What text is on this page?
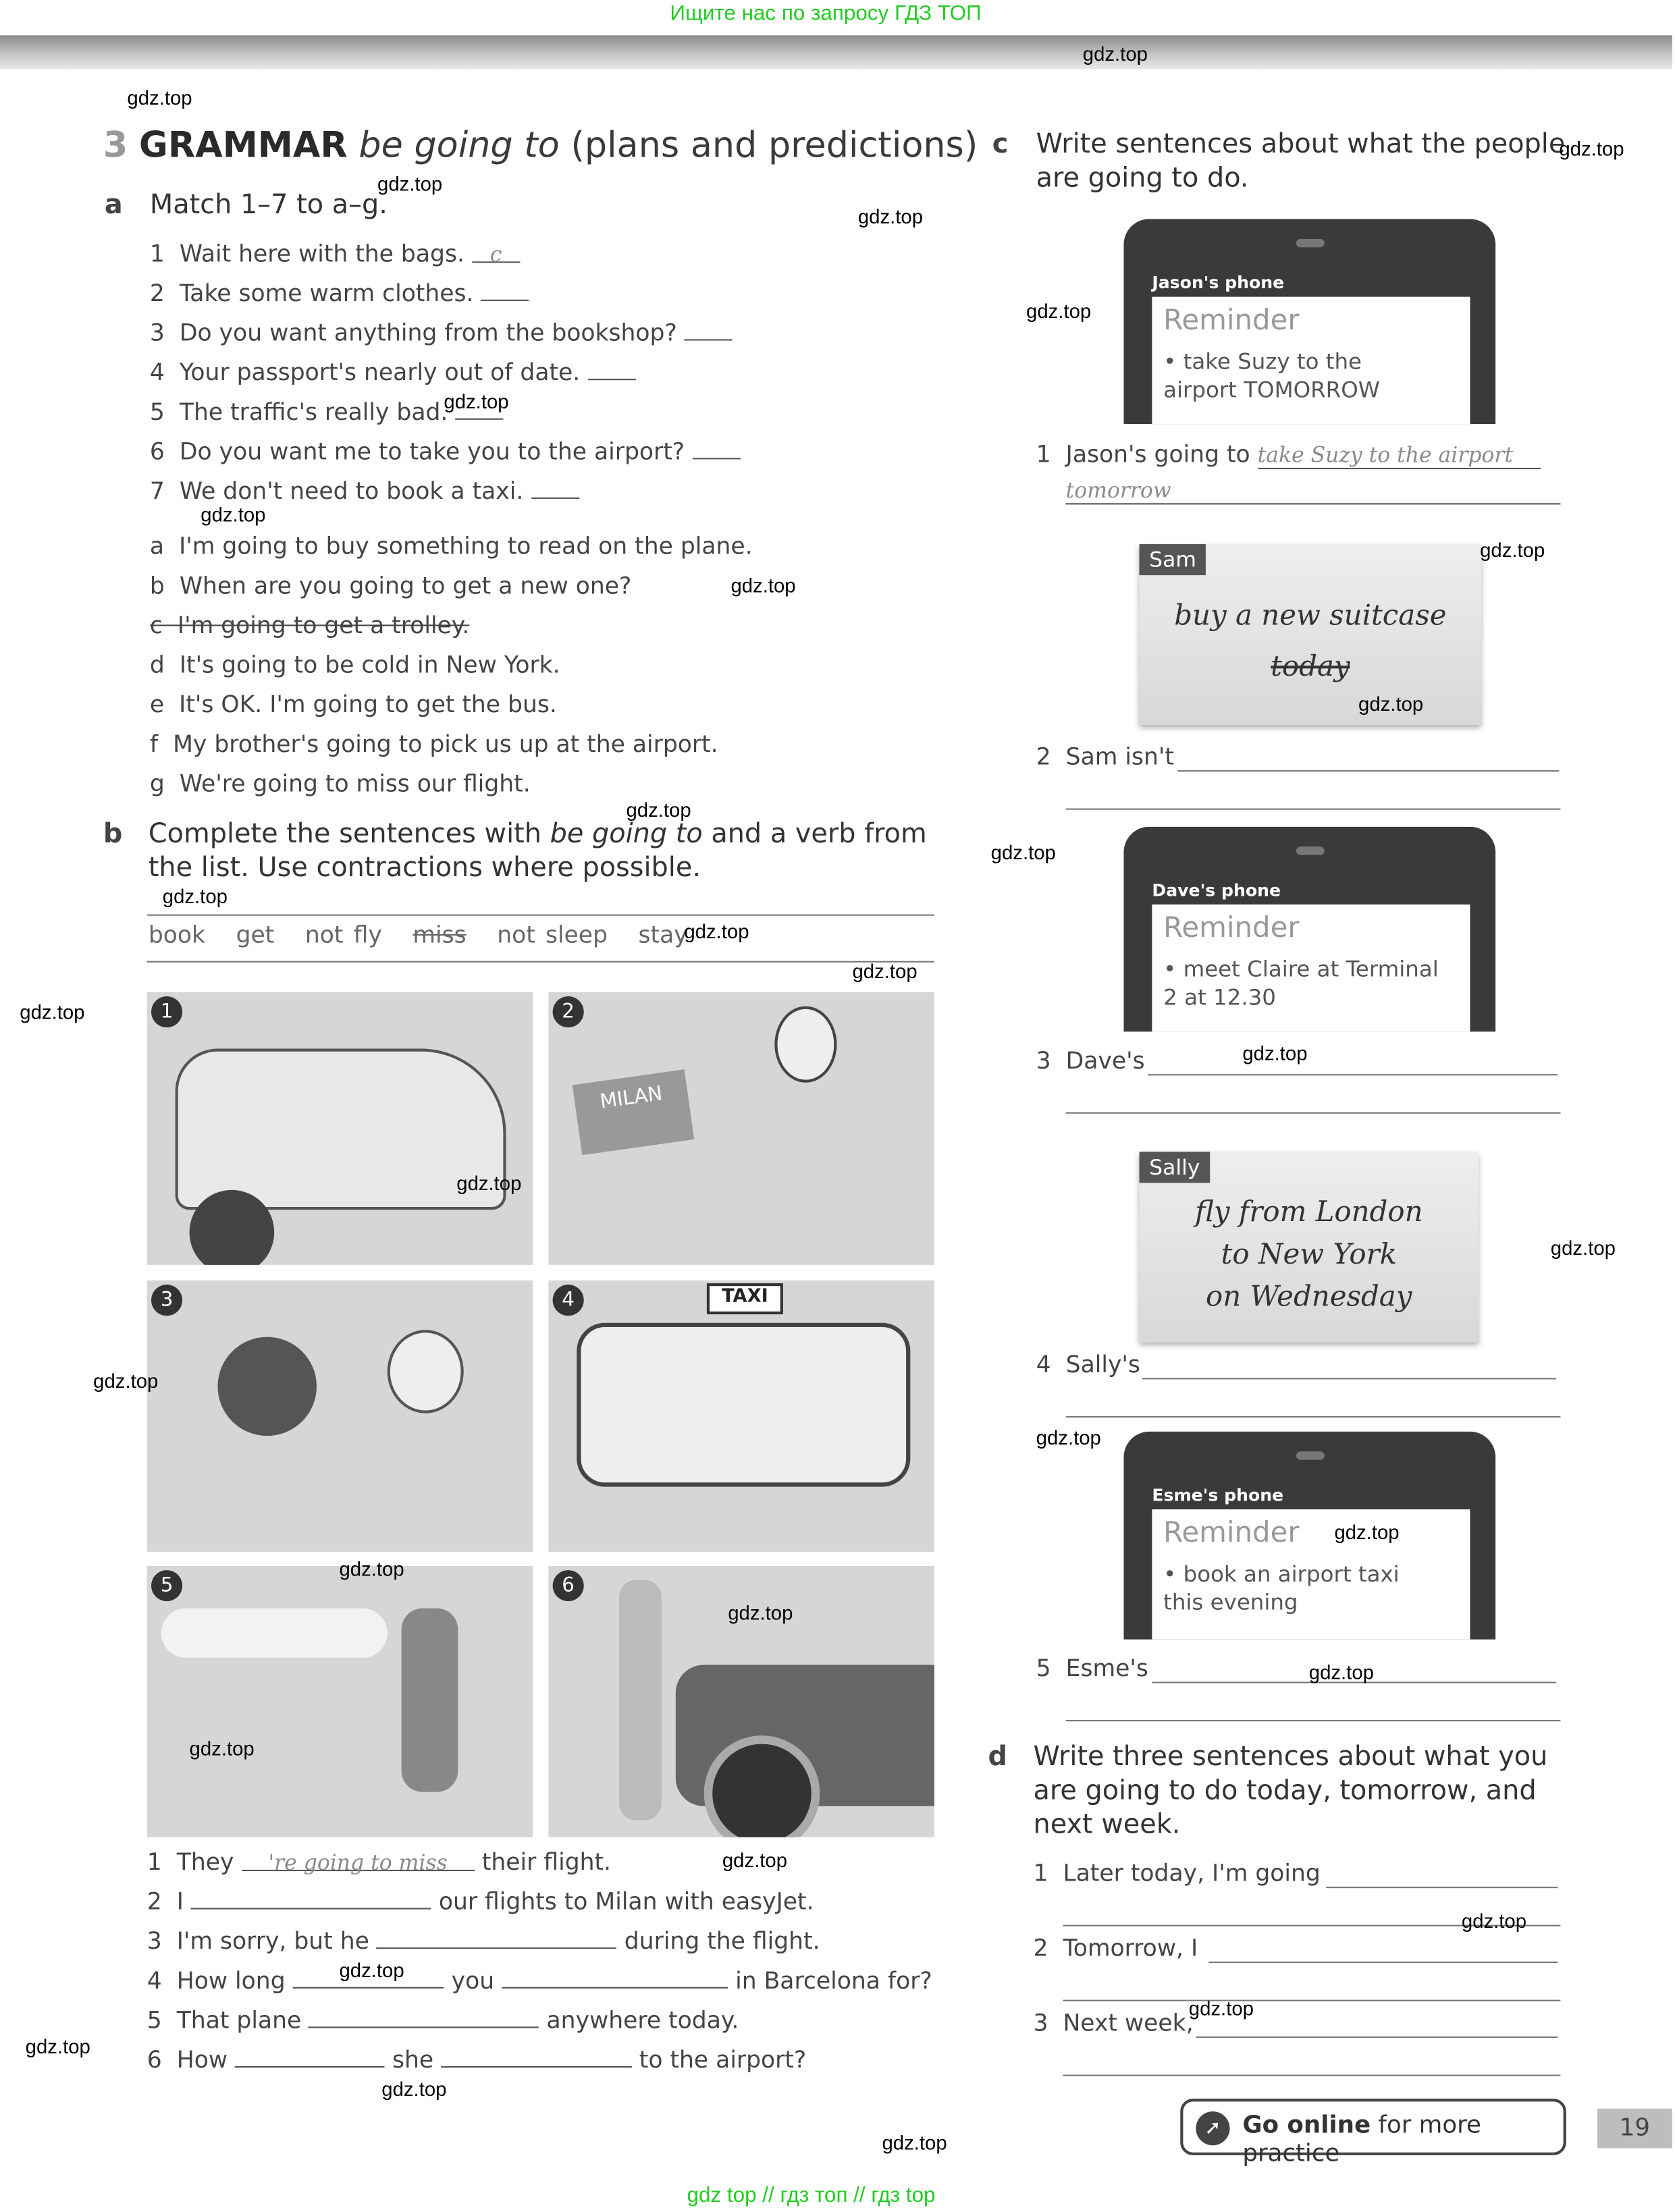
Ищите нас по запросу ГДЗ ТОП
3 GRAMMAR be going to (plans and predictions)
a Match 1–7 to a–g.
b Complete the sentences with be going to and a verb from
the list. Use contractions where possible.
book	get	not fly	miss	not sleep	stay
1
MILAN
2
3	TAXI
4
5	6
c Write sentences about what the people
are going to do.
Jason's phone
Reminder
• take Suzy to the airport TOMORROW
Sam
buy a new suitcase
today
Dave's phone
Reminder
• meet Claire at Terminal 2 at 12.30
Sally
fly from London
to New York
on Wednesday
Esme's phone
Reminder
• book an airport taxi this evening
1 Jason's going to take Suzy to the airport
tomorrow
d Write three sentences about what you
are going to do today, tomorrow, and
next week.
➚	Go online for more practice
19
gdz top // гдз топ // гдз top
1 Wait here with the bags.	c
2 Take some warm clothes.
3 Do you want anything from the bookshop?
4 Your passport's nearly out of date.
5 The traffic's really bad.
6 Do you want me to take you to the airport?
7 We don't need to book a taxi.
a I'm going to buy something to read on the plane.
b When are you going to get a new one?
c I'm going to get a trolley.
d It's going to be cold in New York.
e It's OK. I'm going to get the bus.
f My brother's going to pick us up at the airport.
g We're going to miss our flight.
1 They	're going to miss	their flight.
2 I	our flights to Milan with easyJet.
3 I'm sorry, but he	during the flight.
4 How long	you	in Barcelona for?
5 That plane	anywhere today.
6 How	she	to the airport?
2 Sam isn't
3 Dave's
4 Sally's
5 Esme's
1 Later today, I'm going
2 Tomorrow, I
3 Next week,
gdz.top
gdz.top
gdz.top
gdz.top
gdz.top
gdz.top
gdz.top
gdz.top
gdz.top
gdz.top
gdz.top
gdz.top
gdz.top
gdz.top
gdz.top
gdz.top
gdz.top
gdz.top
gdz.top
gdz.top
gdz.top
gdz.top
gdz.top
gdz.top
gdz.top
gdz.top
gdz.top
gdz.top
gdz.top
gdz.top
gdz.top
gdz.top
gdz.top
gdz.top
